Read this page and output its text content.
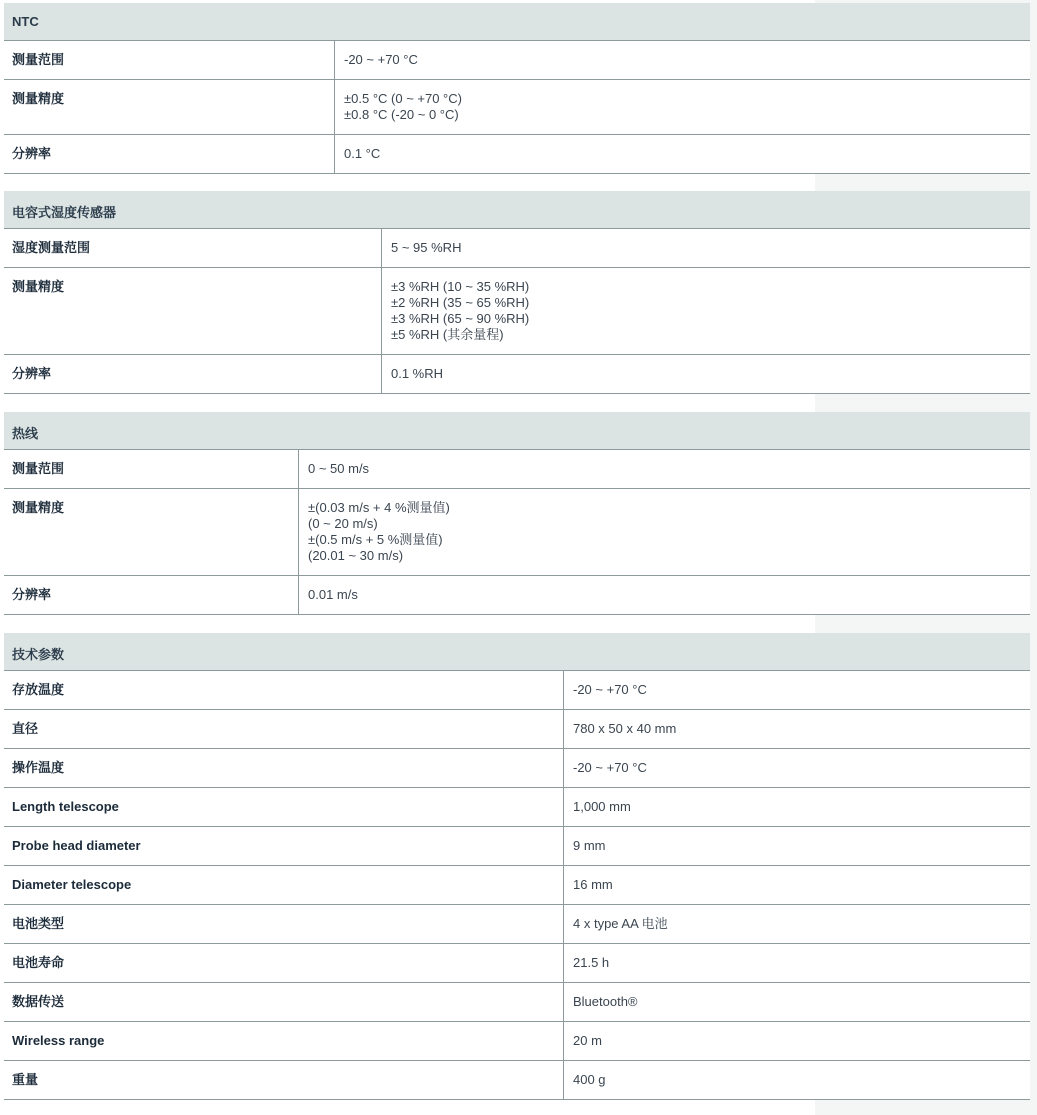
NTC
测量范围	-20 ~ +70 °C
测量精度	±0.5 °C (0 ~ +70 °C)
±0.8 °C (-20 ~ 0 °C)
分辨率	0.1 °C
电容式湿度传感器
湿度测量范围	5 ~ 95 %RH
测量精度	±3 %RH (10 ~ 35 %RH)
±2 %RH (35 ~ 65 %RH)
±3 %RH (65 ~ 90 %RH)
±5 %RH (其余量程)
分辨率	0.1 %RH
热线
测量范围	0 ~ 50 m/s
测量精度	±(0.03 m/s + 4 %测量值)
(0 ~ 20 m/s)
±(0.5 m/s + 5 %测量值)
(20.01 ~ 30 m/s)
分辨率	0.01 m/s
技术参数
存放温度	-20 ~ +70 °C
直径	780 x 50 x 40 mm
操作温度	-20 ~ +70 °C
Length telescope	1,000 mm
Probe head diameter	9 mm
Diameter telescope	16 mm
电池类型	4 x type AA 电池
电池寿命	21.5 h
数据传送	Bluetooth®
Wireless range	20 m
重量	400 g
